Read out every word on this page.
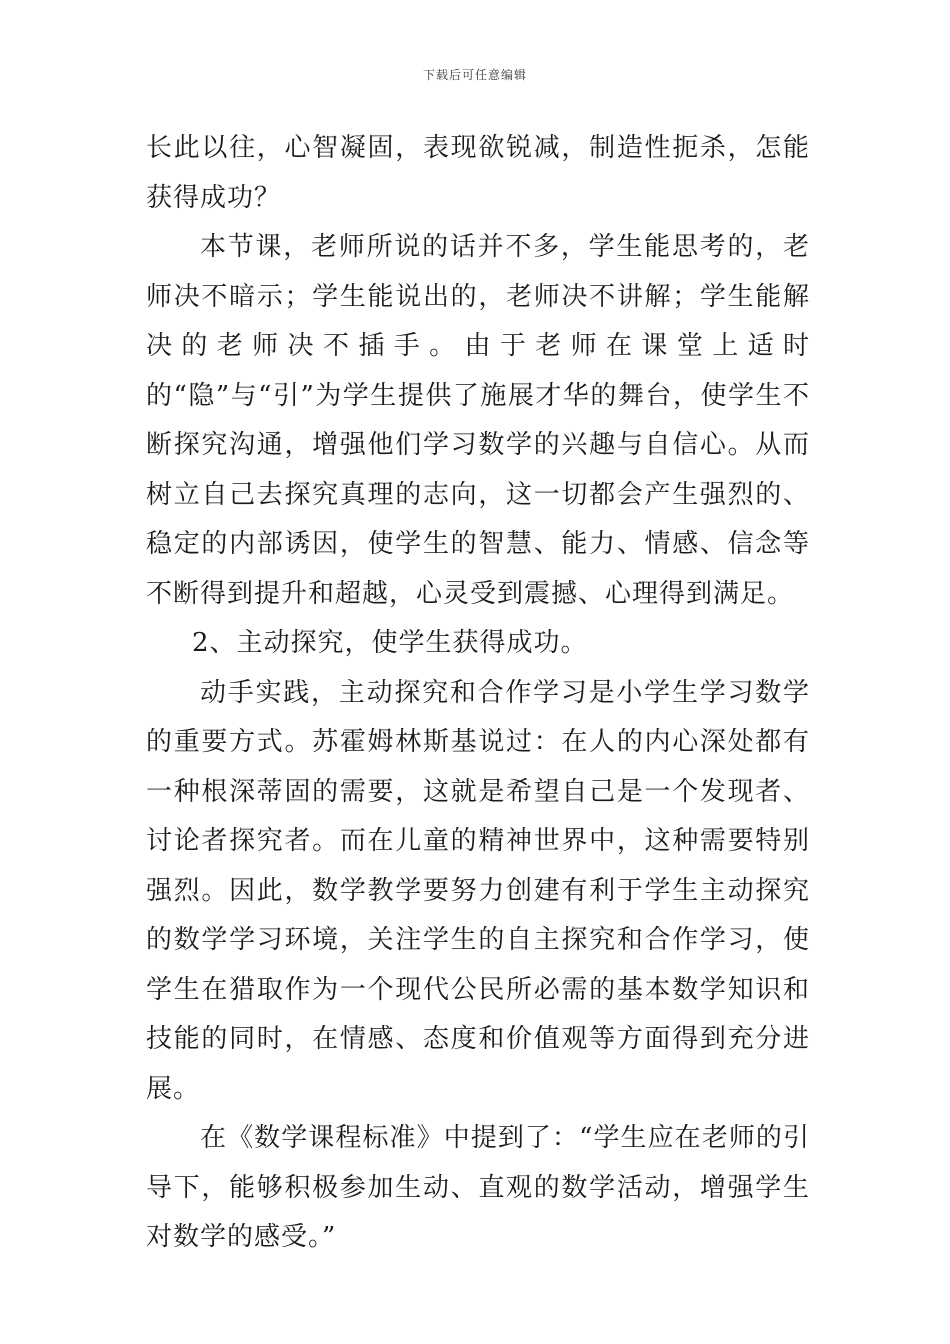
下载后可任意编辑

长此以往，心智凝固，表现欲锐减，制造性扼杀，怎能获得成功？

本节课，老师所说的话并不多，学生能思考的，老师决不暗示；学生能说出的，老师决不讲解；学生能解决的老师决不插手。由于老师在课堂上适时的“隐”与“引”为学生提供了施展才华的舞台，使学生不断探究沟通，增强他们学习数学的兴趣与自信心。从而树立自己去探究真理的志向，这一切都会产生强烈的、稳定的内部诱因，使学生的智慧、能力、情感、信念等不断得到提升和超越，心灵受到震撼、心理得到满足。

2、主动探究，使学生获得成功。

动手实践，主动探究和合作学习是小学生学习数学的重要方式。苏霍姆林斯基说过：在人的内心深处都有一种根深蒂固的需要，这就是希望自己是一个发现者、讨论者探究者。而在儿童的精神世界中，这种需要特别强烈。因此，数学教学要努力创建有利于学生主动探究的数学学习环境，关注学生的自主探究和合作学习，使学生在猎取作为一个现代公民所必需的基本数学知识和技能的同时，在情感、态度和价值观等方面得到充分进展。

在《数学课程标准》中提到了：“学生应在老师的引导下，能够积极参加生动、直观的数学活动，增强学生对数学的感受。”
